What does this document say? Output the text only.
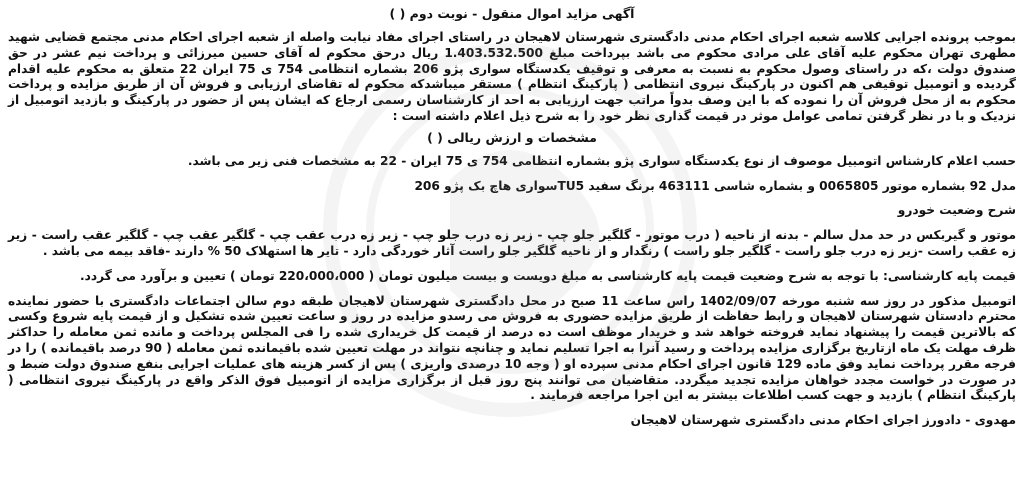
آگهی مزاید اموال منقول - نوبت دوم ( )

بموجب پرونده اجرایی کلاسه شعبه اجرای احکام مدنی دادگستری شهرستان لاهیجان در راستای اجرای مفاد نیابت واصله از شعبه اجرای احکام مدنی مجتمع قضایی شهید مطهری تهران محکوم علیه آقای علی مرادی محکوم می باشد بپرداخت مبلغ 1.403.532.500 ریال درحق محکوم له آقای حسین میرزائی و پرداخت نیم عشر در حق صندوق دولت ،که در راستای وصول محکوم به نسبت به معرفی و توقیف یکدستگاه سواری پژو 206 بشماره انتظامی 754 ی 75 ایران 22 متعلق به محکوم علیه اقدام گردیده و اتومبیل توقیفی هم اکنون در پارکینگ نیروی انتظامی ( پارکینگ انتظام ) مستقر میباشدکه محکوم له تقاضای ارزیابی و فروش آن از طریق مزایده و پرداخت محکوم به از محل فروش آن را نموده که با این وصف بدواً مراتب جهت ارزیابی به احد از کارشناسان رسمی ارجاع که ایشان پس از حضور در پارکینگ و بازدید اتومبیل از نزدیک و با در نظر گرفتن تمامی عوامل موثر در قیمت گذاری نظر خود را به شرح ذیل اعلام داشته است :

مشخصات و ارزش ریالی ( )

حسب اعلام کارشناس اتومبیل موصوف از نوع یکدستگاه سواری پژو بشماره انتظامی 754 ی 75 ایران - 22 به مشخصات فنی زیر می باشد.

مدل 92 بشماره موتور 0065805 و بشماره شاسی 463111 برنگ سفید TU5سواری هاچ بک پژو 206

شرح وضعیت خودرو

موتور و گیربکس در حد مدل سالم - بدنه از ناحیه ( درب موتور - گلگیر جلو چپ - زیر زه درب جلو چپ - زیر زه درب عقب چپ - گلگیر عقب چپ - گلگیر عقب راست - زیر زه عقب راست -زیر زه درب جلو راست - گلگیر جلو راست ) رنگدار و از ناحیه گلگیر جلو راست آثار خوردگی دارد - تایر ها استهلاک 50 % دارند -فاقد بیمه می باشد .

قیمت پایه کارشناسی: با توجه به شرح وضعیت قیمت پایه کارشناسی به مبلغ دویست و بیست میلیون تومان ( 220،000،000 تومان ) تعیین و برآورد می گردد.

اتومبیل مذکور در روز سه شنبه مورخه 1402/09/07 راس ساعت 11 صبح در محل دادگستری شهرستان لاهیجان طبقه دوم سالن اجتماعات دادگستری با حضور نماینده محترم دادستان شهرستان لاهیجان و رابط حفاظت از طریق مزایده حضوری به فروش می رسدو مزایده در روز و ساعت تعیین شده تشکیل و از قیمت پایه شروع وکسی که بالاترین قیمت را پیشنهاد نماید فروخته خواهد شد و خریدار موظف است ده درصد از قیمت کل خریداری شده را فی المجلس پرداخت و مانده ثمن معامله را حداکثر ظرف مهلت یک ماه ازتاریخ برگزاری مزایده پرداخت و رسید آنرا به اجرا تسلیم نماید و چنانچه نتواند در مهلت تعیین شده باقیمانده ثمن معامله ( 90 درصد باقیمانده ) را در فرجه مقرر پرداخت نماید وفق ماده 129 قانون اجرای احکام مدنی سپرده او ( وجه 10 درصدی واریزی ) پس از کسر هزینه های عملیات اجرایی بنفع صندوق دولت ضبط و در صورت در خواست مجدد خواهان مزایده تجدید میگردد. متقاضیان می توانند پنج روز قبل از برگزاری مزایده از اتومبیل فوق الذکر واقع در پارکینگ نیروی انتظامی ( پارکینگ انتظام ) بازدید و جهت کسب اطلاعات بیشتر به این اجرا مراجعه فرمایند .

مهدوی - دادورز اجرای احکام مدنی دادگستری شهرستان لاهیجان
